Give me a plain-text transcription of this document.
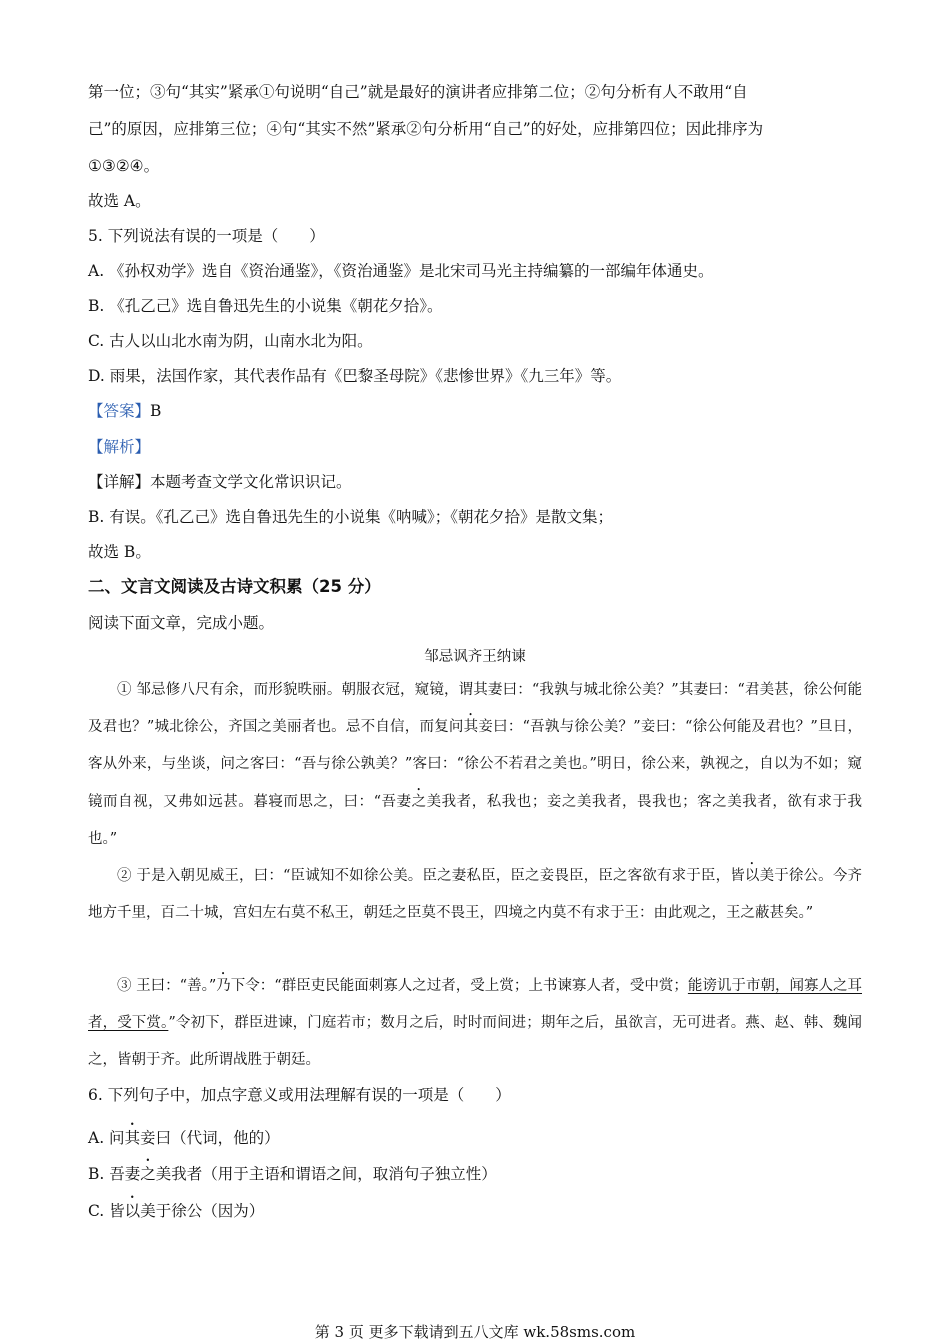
第一位；③句“其实”紧承①句说明“自己”就是最好的演讲者应排第二位；②句分析有人不敢用“自
己”的原因，应排第三位；④句“其实不然”紧承②句分析用“自己”的好处，应排第四位；因此排序为
①③②④。
故选 A。
5. 下列说法有误的一项是（　　）
A. 《孙权劝学》选自《资治通鉴》，《资治通鉴》是北宋司马光主持编纂的一部编年体通史。
B. 《孔乙己》选自鲁迅先生的小说集《朝花夕拾》。
C. 古人以山北水南为阴，山南水北为阳。
D. 雨果，法国作家，其代表作品有《巴黎圣母院》《悲惨世界》《九三年》等。
【答案】B
【解析】
【详解】本题考查文学文化常识识记。
B. 有误。《孔乙己》选自鲁迅先生的小说集《呐喊》；《朝花夕拾》是散文集；
故选 B。
二、文言文阅读及古诗文积累（25 分）
阅读下面文章，完成小题。
邹忌讽齐王纳谏
① 邹忌修八尺有余，而形貌昳丽。朝服衣冠，窥镜，谓其妻曰：“我孰与城北徐公美？”其妻曰：“君美甚，徐公何能及君也？”城北徐公，齐国之美丽者也。忌不自信，而复问其妾曰：“吾孰与徐公美？”妾曰：“徐公何能及君也？”旦日，客从外来，与坐谈，问之客曰：“吾与徐公孰美？”客曰：“徐公不若君之美也。”明日，徐公来，孰视之，自以为不如；窥镜而自视，又弗如远甚。暮寝而思之，曰：“吾妻之美我者，私我也；妾之美我者，畏我也；客之美我者，欲有求于我也。”
② 于是入朝见威王，曰：“臣诚知不如徐公美。臣之妻私臣，臣之妾畏臣，臣之客欲有求于臣，皆以美于徐公。今齐地方千里，百二十城，宫妇左右莫不私王，朝廷之臣莫不畏王，四境之内莫不有求于王：由此观之，王之蔽甚矣。”
③ 王曰：“善。”乃下令：“群臣吏民能面刺寡人之过者，受上赏；上书谏寡人者，受中赏；能谤讥于市朝，闻寡人之耳者，受下赏。”令初下，群臣进谏，门庭若市；数月之后，时时而间进；期年之后，虽欲言，无可进者。燕、赵、韩、魏闻之，皆朝于齐。此所谓战胜于朝廷。
6. 下列句子中，加点字意义或用法理解有误的一项是（　　）
A. 问其妾曰（代词，他的）
B. 吾妻之美我者（用于主语和谓语之间，取消句子独立性）
C. 皆以美于徐公（因为）
第 3 页 更多下载请到五八文库 wk.58sms.com
